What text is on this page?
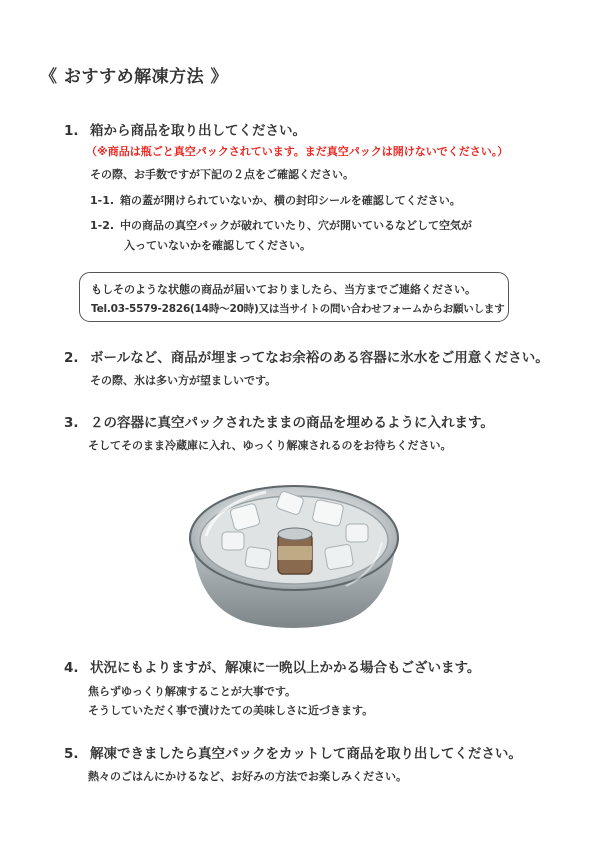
《 おすすめ解凍方法 》
1. 箱から商品を取り出してください。
（※商品は瓶ごと真空パックされています。まだ真空パックは開けないでください。）
その際、お手数ですが下記の２点をご確認ください。
1-1. 箱の蓋が開けられていないか、横の封印シールを確認してください。
1-2. 中の商品の真空パックが破れていたり、穴が開いているなどして空気が
入っていないかを確認してください。
もしそのような状態の商品が届いておりましたら、当方までご連絡ください。
Tel.03-5579-2826(14時～20時)又は当サイトの問い合わせフォームからお願いします
2. ボールなど、商品が埋まってなお余裕のある容器に氷水をご用意ください。
その際、氷は多い方が望ましいです。
3. ２の容器に真空パックされたままの商品を埋めるように入れます。
そしてそのまま冷蔵庫に入れ、ゆっくり解凍されるのをお待ちください。
4. 状況にもよりますが、解凍に一晩以上かかる場合もございます。
焦らずゆっくり解凍することが大事です。
そうしていただく事で漬けたての美味しさに近づきます。
5. 解凍できましたら真空パックをカットして商品を取り出してください。
熱々のごはんにかけるなど、お好みの方法でお楽しみください。
